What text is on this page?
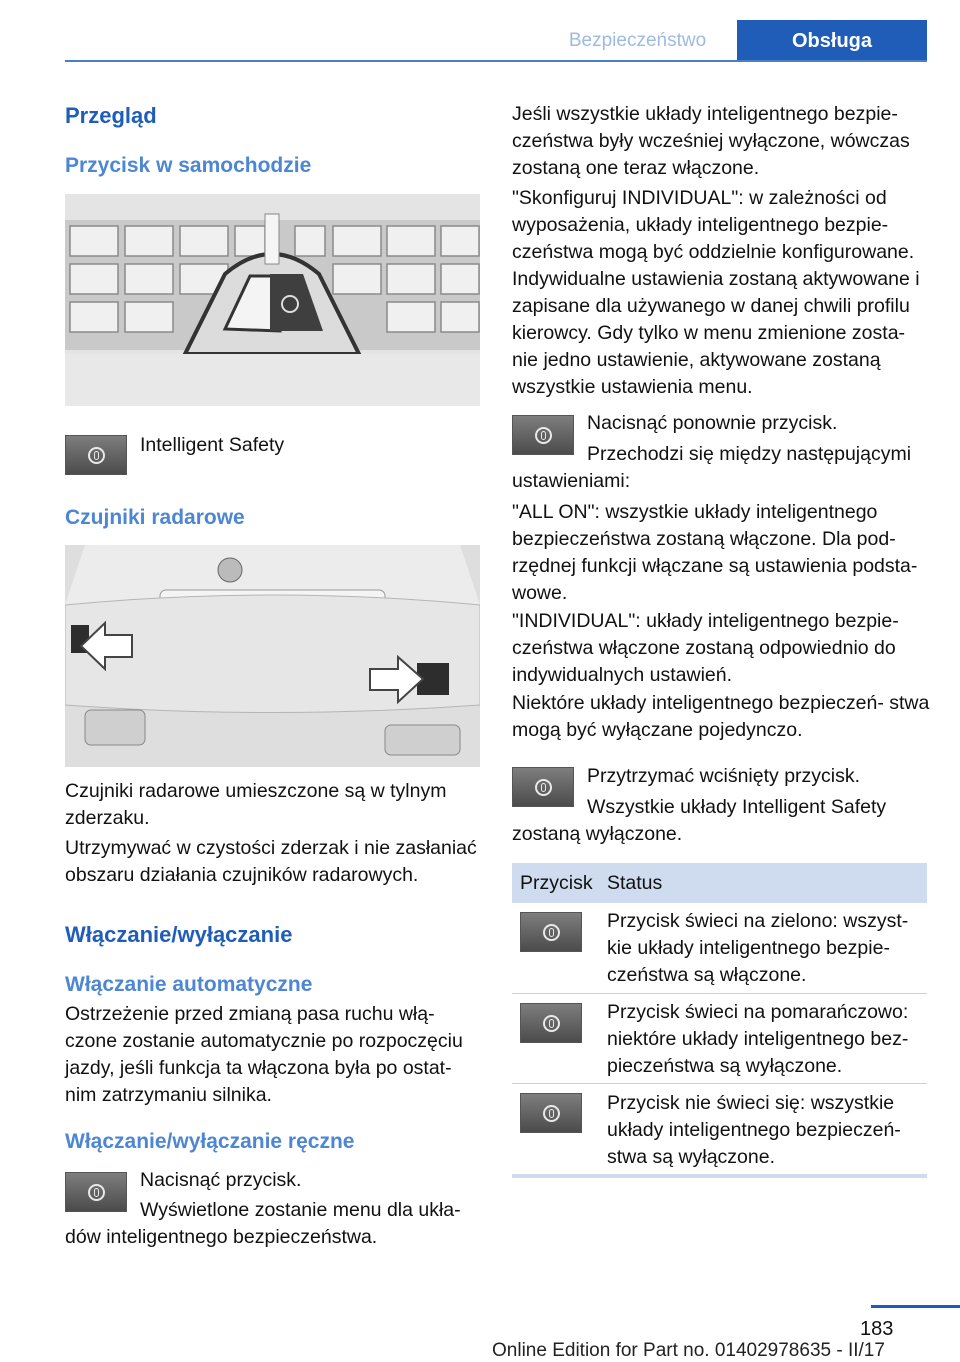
Bezpieczeństwo	Obsługa
Przegląd
Przycisk w samochodzie
Intelligent Safety
Czujniki radarowe
Czujniki radarowe umieszczone są w tylnym zderzaku.
Utrzymywać w czystości zderzak i nie zasłaniać obszaru działania czujników radarowych.
Włączanie/wyłączanie
Włączanie automatyczne
Ostrzeżenie przed zmianą pasa ruchu włą‐ czone zostanie automatycznie po rozpoczęciu jazdy, jeśli funkcja ta włączona była po ostat‐ nim zatrzymaniu silnika.
Włączanie/wyłączanie ręczne
Nacisnąć przycisk.
Wyświetlone zostanie menu dla ukła‐ dów inteligentnego bezpieczeństwa.
Jeśli wszystkie układy inteligentnego bezpie‐ czeństwa były wcześniej wyłączone, wówczas zostaną one teraz włączone.
"Skonfiguruj INDIVIDUAL": w zależności od wyposażenia, układy inteligentnego bezpie‐ czeństwa mogą być oddzielnie konfigurowane. Indywidualne ustawienia zostaną aktywowane i zapisane dla używanego w danej chwili profilu kierowcy. Gdy tylko w menu zmienione zosta‐ nie jedno ustawienie, aktywowane zostaną wszystkie ustawienia menu.
Nacisnąć ponownie przycisk.
Przechodzi się między następującymi ustawieniami:
"ALL ON": wszystkie układy inteligentnego bezpieczeństwa zostaną włączone. Dla pod‐ rzędnej funkcji włączane są ustawienia podsta‐ wowe.
"INDIVIDUAL": układy inteligentnego bezpie‐ czeństwa włączone zostaną odpowiednio do indywidualnych ustawień.
Niektóre układy inteligentnego bezpieczeń‐ stwa mogą być wyłączane pojedynczo.
Przytrzymać wciśnięty przycisk.
Wszystkie układy Intelligent Safety zostaną wyłączone.
Przycisk Status
Przycisk świeci na zielono: wszyst‐ kie układy inteligentnego bezpie‐ czeństwa są włączone.
Przycisk świeci na pomarańczowo: niektóre układy inteligentnego bez‐ pieczeństwa są wyłączone.
Przycisk nie świeci się: wszystkie układy inteligentnego bezpieczeń‐ stwa są wyłączone.
183
Online Edition for Part no. 01402978635 - II/17
